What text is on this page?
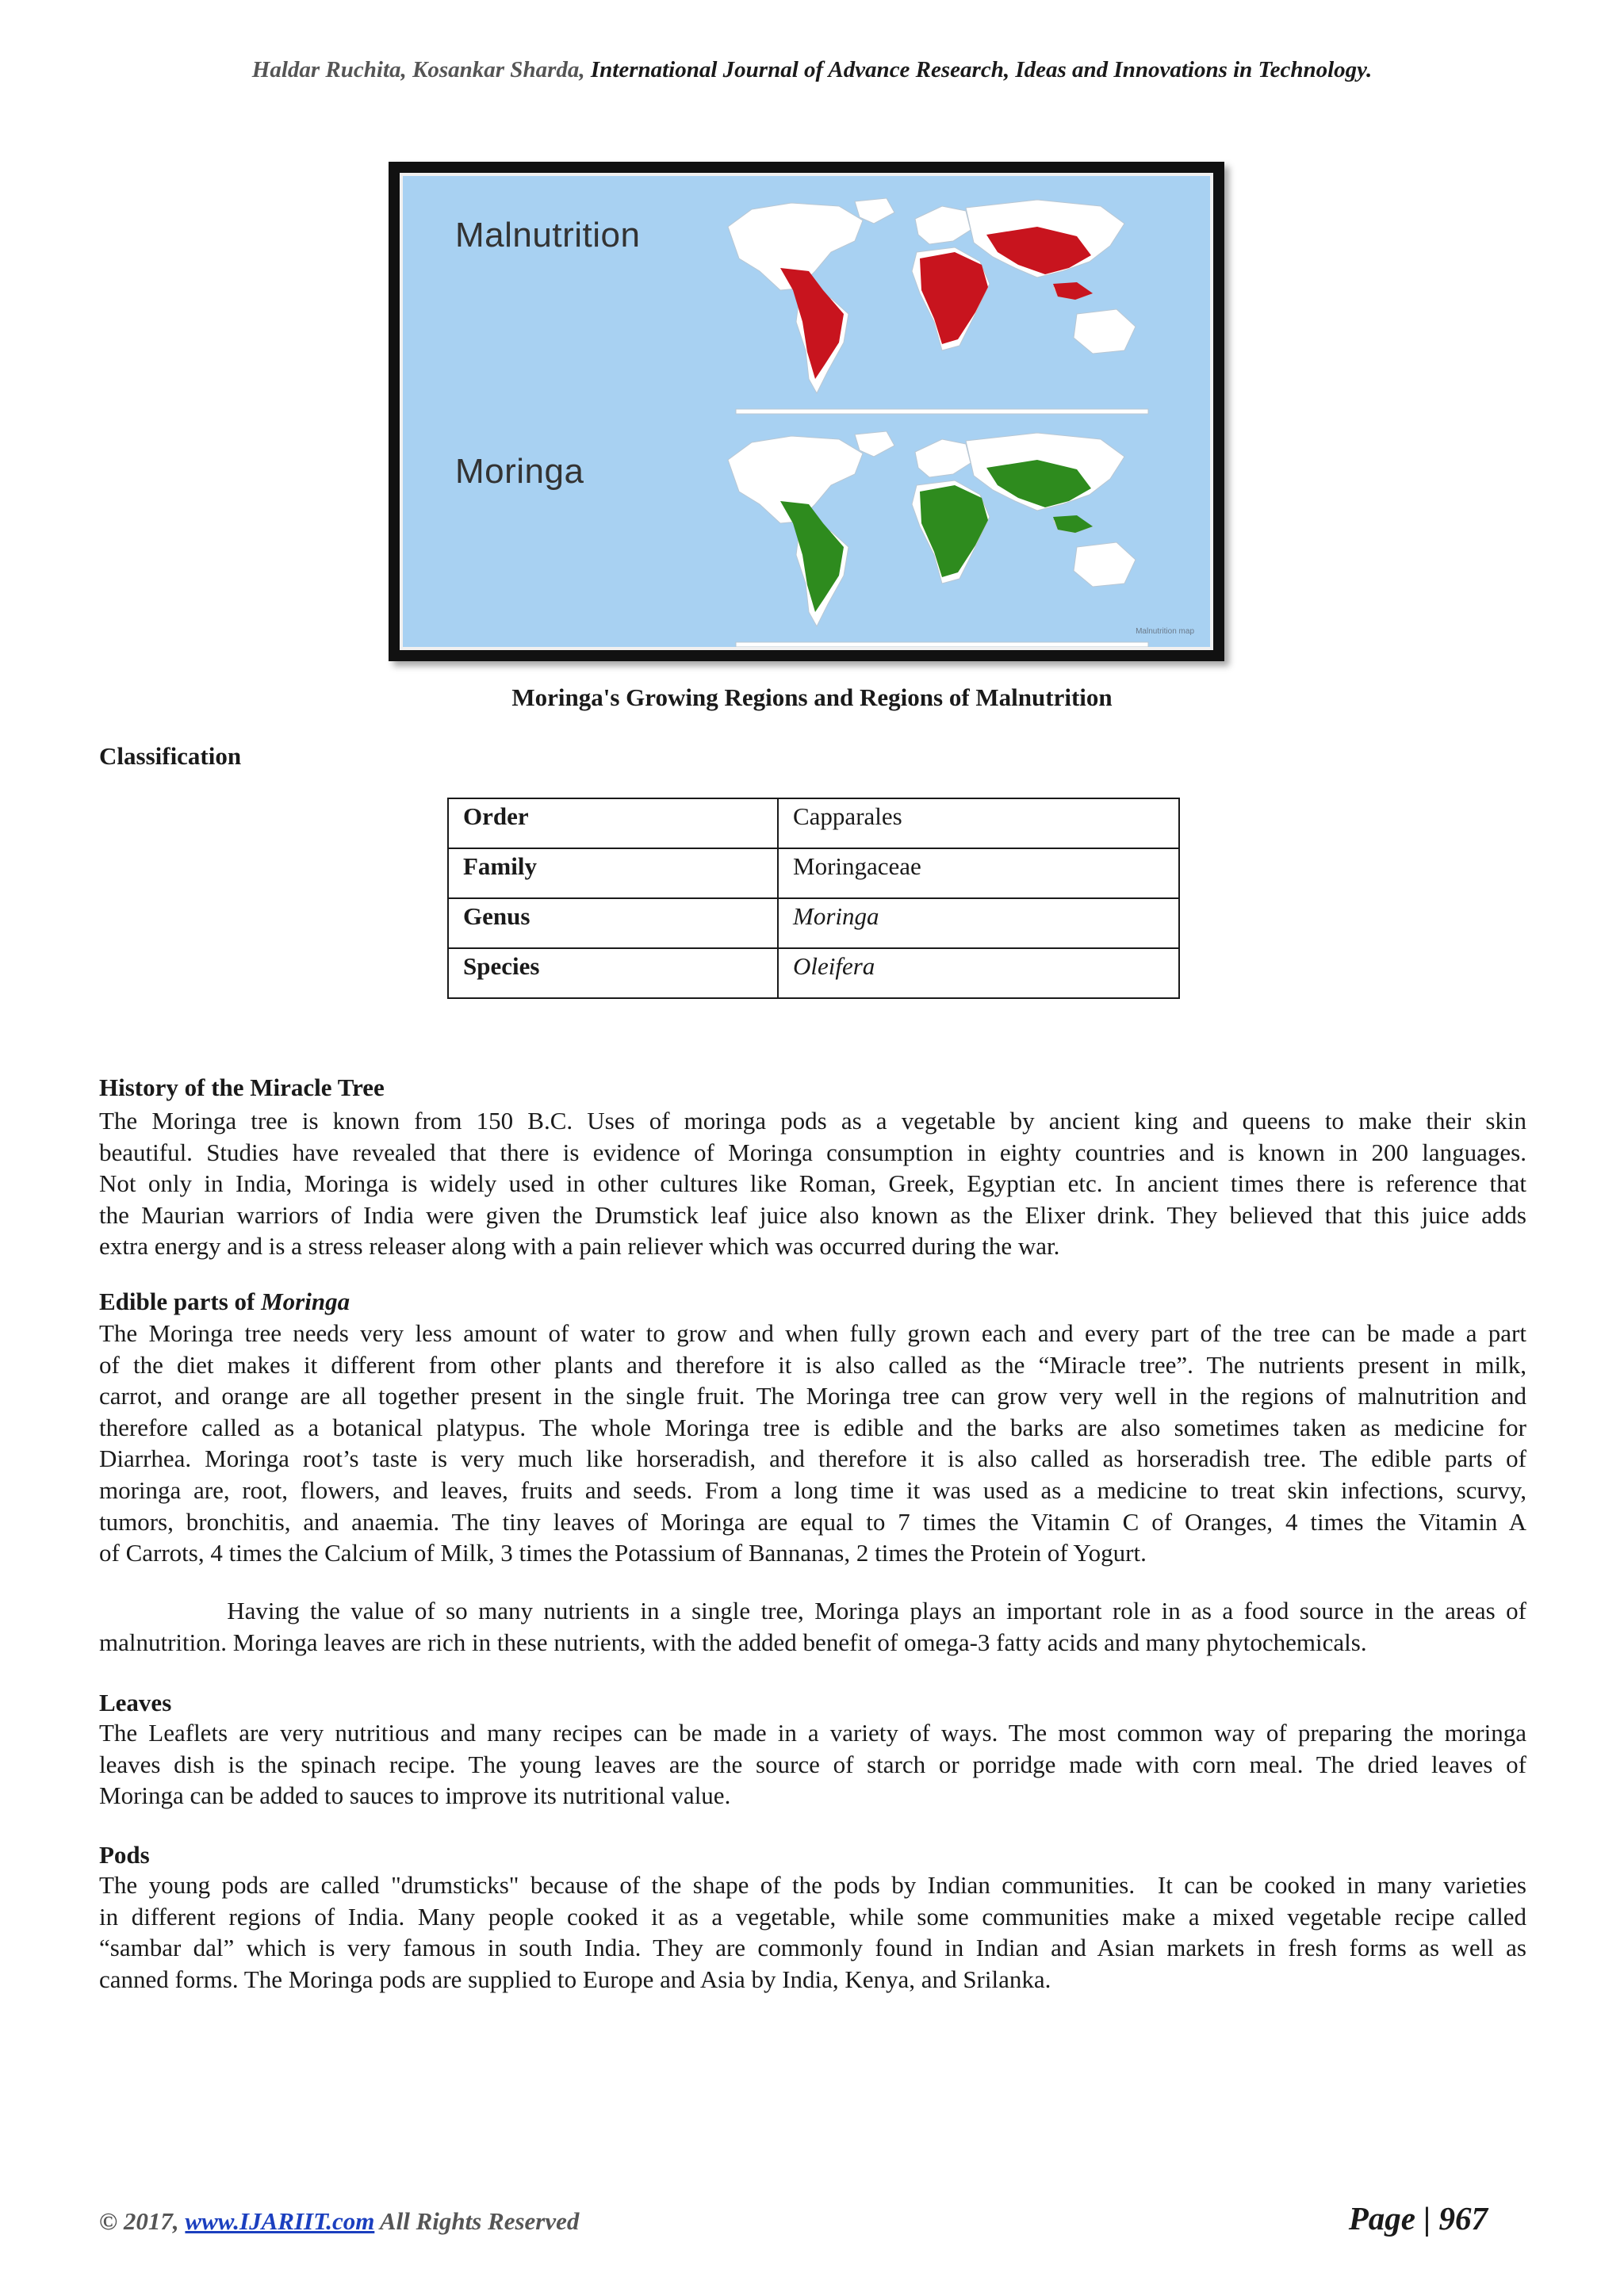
Haldar Ruchita, Kosankar Sharda, International Journal of Advance Research, Ideas and Innovations in Technology.
Malnutrition
Moringa
Malnutrition map
Moringa's Growing Regions and Regions of Malnutrition
Classification
Order	Capparales
Family	Moringaceae
Genus	Moringa
Species	Oleifera
History of the Miracle Tree
The Moringa tree is known from 150 B.C. Uses of moringa pods as a vegetable by ancient king and queens to make their skin
beautiful. Studies have revealed that there is evidence of Moringa consumption in eighty countries and is known in 200 languages.
Not only in India, Moringa is widely used in other cultures like Roman, Greek, Egyptian etc. In ancient times there is reference that
the Maurian warriors of India were given the Drumstick leaf juice also known as the Elixer drink. They believed that this juice adds
extra energy and is a stress releaser along with a pain reliever which was occurred during the war.
Edible parts of Moringa
The Moringa tree needs very less amount of water to grow and when fully grown each and every part of the tree can be made a part
of the diet makes it different from other plants and therefore it is also called as the “Miracle tree”. The nutrients present in milk,
carrot, and orange are all together present in the single fruit. The Moringa tree can grow very well in the regions of malnutrition and
therefore called as a botanical platypus. The whole Moringa tree is edible and the barks are also sometimes taken as medicine for
Diarrhea. Moringa root’s taste is very much like horseradish, and therefore it is also called as horseradish tree. The edible parts of
moringa are, root, flowers, and leaves, fruits and seeds. From a long time it was used as a medicine to treat skin infections, scurvy,
tumors, bronchitis, and anaemia. The tiny leaves of Moringa are equal to 7 times the Vitamin C of Oranges, 4 times the Vitamin A
of Carrots, 4 times the Calcium of Milk, 3 times the Potassium of Bannanas, 2 times the Protein of Yogurt.
Having the value of so many nutrients in a single tree, Moringa plays an important role in as a food source in the areas of
malnutrition. Moringa leaves are rich in these nutrients, with the added benefit of omega-3 fatty acids and many phytochemicals.
Leaves
The Leaflets are very nutritious and many recipes can be made in a variety of ways. The most common way of preparing the moringa
leaves dish is the spinach recipe. The young leaves are the source of starch or porridge made with corn meal. The dried leaves of
Moringa can be added to sauces to improve its nutritional value.
Pods
The young pods are called "drumsticks" because of the shape of the pods by Indian communities.  It can be cooked in many varieties
in different regions of India. Many people cooked it as a vegetable, while some communities make a mixed vegetable recipe called
“sambar dal” which is very famous in south India. They are commonly found in Indian and Asian markets in fresh forms as well as
canned forms. The Moringa pods are supplied to Europe and Asia by India, Kenya, and Srilanka.
© 2017, www.IJARIIT.com All Rights Reserved	Page | 967
